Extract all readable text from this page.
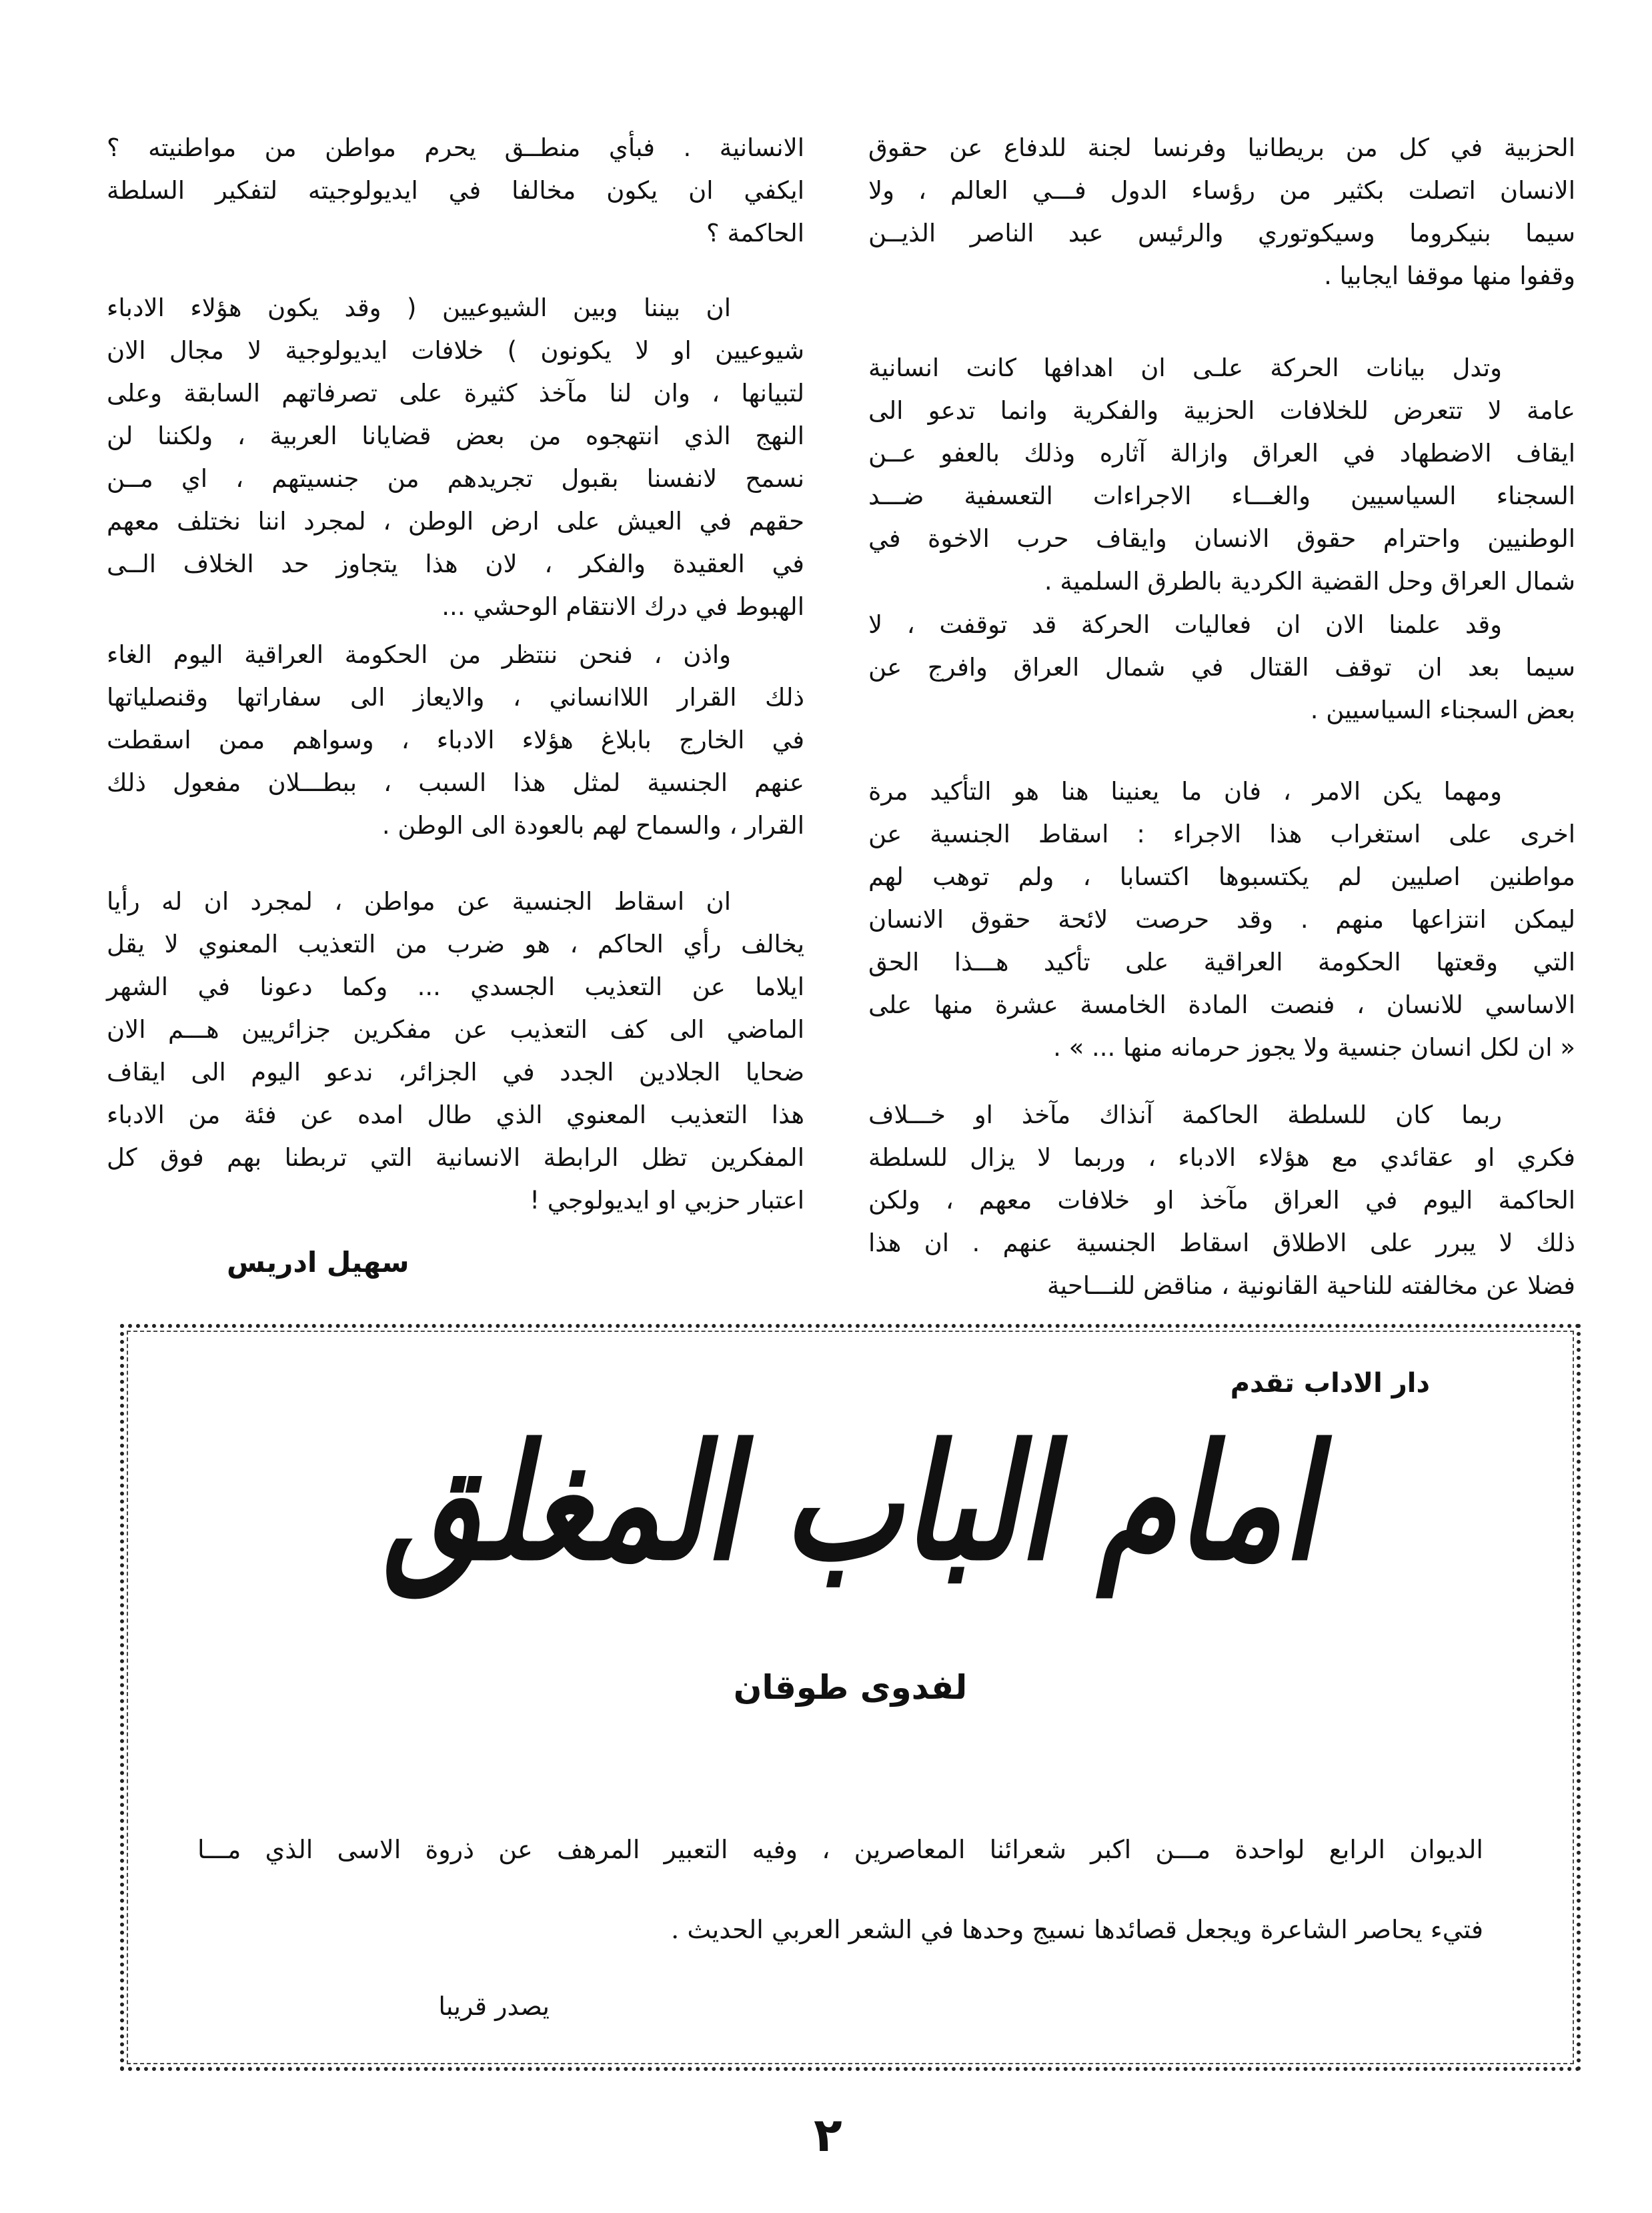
الحزبية في كل من بريطانيا وفرنسا لجنة للدفاع عن حقوق
الانسان اتصلت بكثير من رؤساء الدول فـــي العالم ، ولا
سيما بنيكروما وسيكوتوري والرئيس عبد الناصر الذيــن
وقفوا منها موقفا ايجابيا .
وتدل بيانات الحركة علـى ان اهدافها كانت انسانية
عامة لا تتعرض للخلافات الحزبية والفكرية وانما تدعو الى
ايقاف الاضطهاد في العراق وازالة آثاره وذلك بالعفو عــن
السجناء السياسيين والغـــاء الاجراءات التعسفية ضـــد
الوطنيين واحترام حقوق الانسان وايقاف حرب الاخوة في
شمال العراق وحل القضية الكردية بالطرق السلمية .
وقد علمنا الان ان فعاليات الحركة قد توقفت ، لا
سيما بعد ان توقف القتال في شمال العراق وافرج عن
بعض السجناء السياسيين .
ومهما يكن الامر ، فان ما يعنينا هنا هو التأكيد مرة
اخرى على استغراب هذا الاجراء : اسقاط الجنسية عن
مواطنين اصليين لم يكتسبوها اكتسابا ، ولم توهب لهم
ليمكن انتزاعها منهم . وقد حرصت لائحة حقوق الانسان
التي وقعتها الحكومة العراقية على تأكيد هـــذا الحق
الاساسي للانسان ، فنصت المادة الخامسة عشرة منها على
« ان لكل انسان جنسية ولا يجوز حرمانه منها ... » .
ربما كان للسلطة الحاكمة آنذاك مآخذ او خـــلاف
فكري او عقائدي مع هؤلاء الادباء ، وربما لا يزال للسلطة
الحاكمة اليوم في العراق مآخذ او خلافات معهم ، ولكن
ذلك لا يبرر على الاطلاق اسقاط الجنسية عنهم . ان هذا
فضلا عن مخالفته للناحية القانونية ، مناقض للنـــاحية
الانسانية . فبأي منطــق يحرم مواطن من مواطنيته ؟
ايكفي ان يكون مخالفا في ايديولوجيته لتفكير السلطة
الحاكمة ؟
ان بيننا وبين الشيوعيين ( وقد يكون هؤلاء الادباء
شيوعيين او لا يكونون ) خلافات ايديولوجية لا مجال الان
لتبيانها ، وان لنا مآخذ كثيرة على تصرفاتهم السابقة وعلى
النهج الذي انتهجوه من بعض قضايانا العربية ، ولكننا لن
نسمح لانفسنا بقبول تجريدهم من جنسيتهم ، اي مــن
حقهم في العيش على ارض الوطن ، لمجرد اننا نختلف معهم
في العقيدة والفكر ، لان هذا يتجاوز حد الخلاف الــى
الهبوط في درك الانتقام الوحشي ...
واذن ، فنحن ننتظر من الحكومة العراقية اليوم الغاء
ذلك القرار اللاانساني ، والايعاز الى سفاراتها وقنصلياتها
في الخارج بابلاغ هؤلاء الادباء ، وسواهم ممن اسقطت
عنهم الجنسية لمثل هذا السبب ، ببطـــلان مفعول ذلك
القرار ، والسماح لهم بالعودة الى الوطن .
ان اسقاط الجنسية عن مواطن ، لمجرد ان له رأيا
يخالف رأي الحاكم ، هو ضرب من التعذيب المعنوي لا يقل
ايلاما عن التعذيب الجسدي ... وكما دعونا في الشهر
الماضي الى كف التعذيب عن مفكرين جزائريين هـــم الان
ضحايا الجلادين الجدد في الجزائر، ندعو اليوم الى ايقاف
هذا التعذيب المعنوي الذي طال امده عن فئة من الادباء
المفكرين تظل الرابطة الانسانية التي تربطنا بهم فوق كل
اعتبار حزبي او ايديولوجي !
سهيل ادريس
دار الاداب تقدم
امام الباب المغلق
لفدوى طوقان
الديوان الرابع لواحدة مـــن اكبر شعرائنا المعاصرين ، وفيه التعبير المرهف عن ذروة الاسى الذي مـــا
فتيء يحاصر الشاعرة ويجعل قصائدها نسيج وحدها في الشعر العربي الحديث .
يصدر قريبا
٢
